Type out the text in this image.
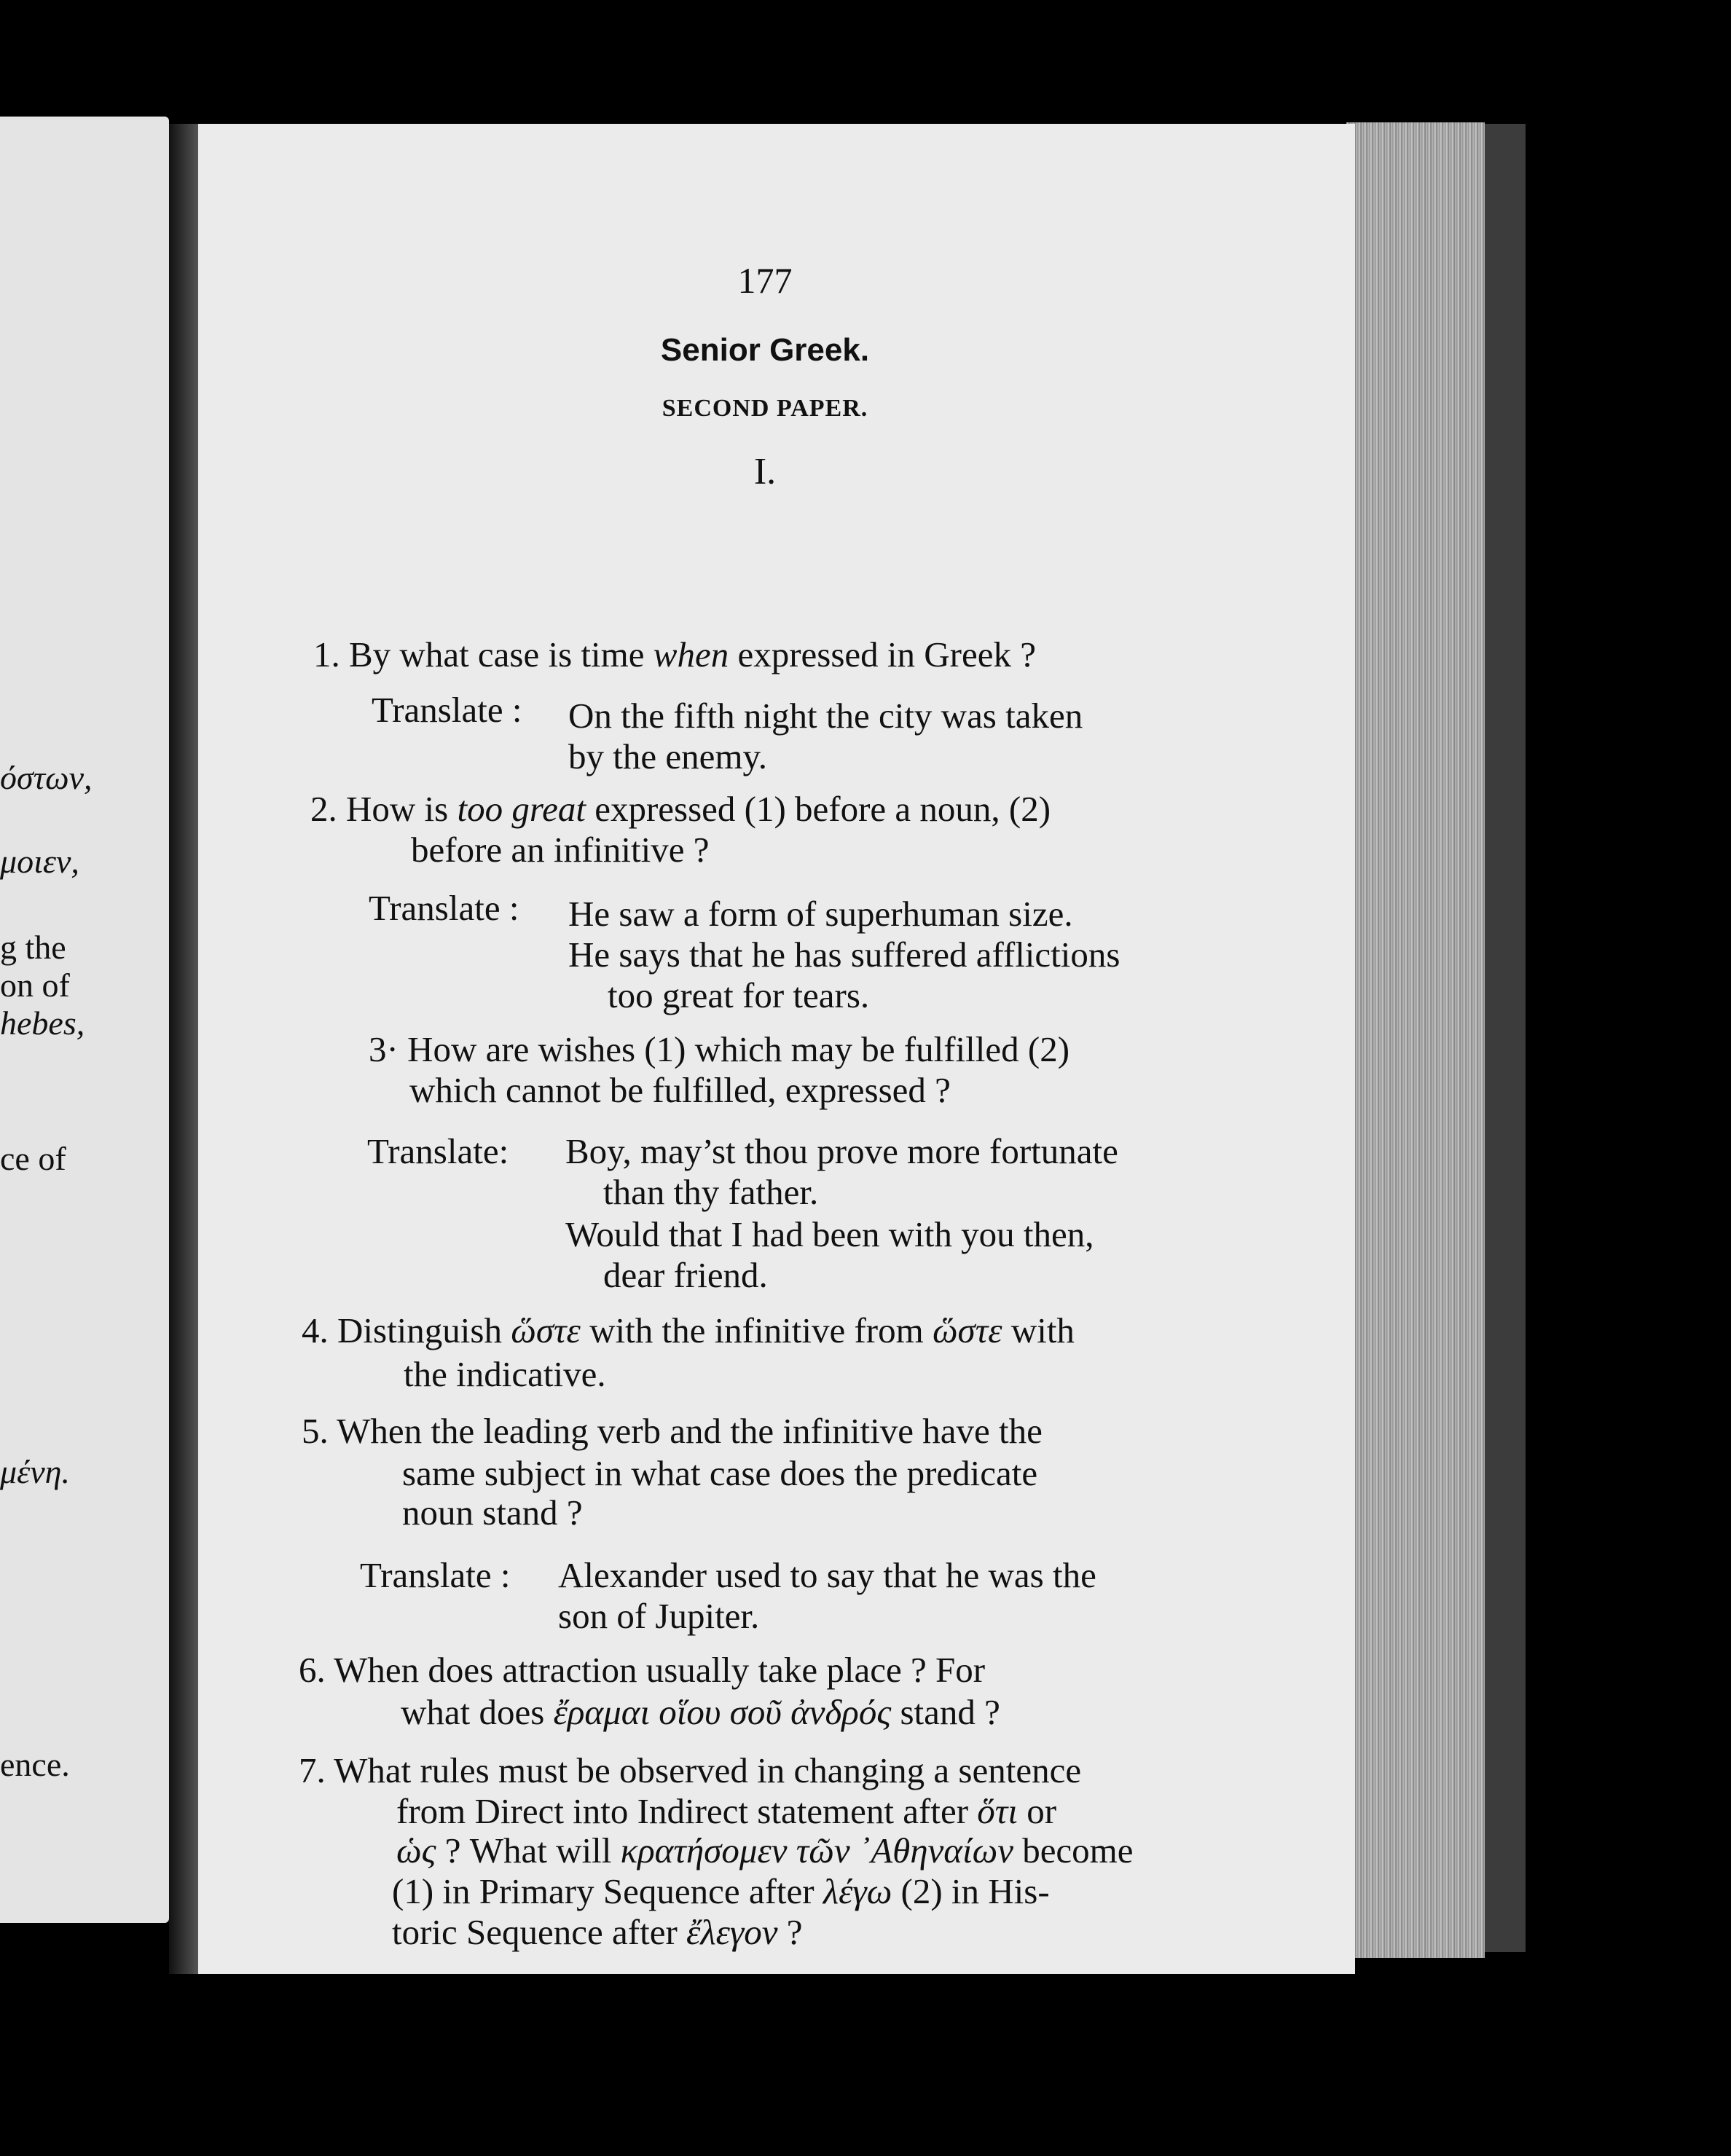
όστων,
μοιεν,
g the
on of
hebes,
ce of
μένη.
ence.
177
Senior Greek.
SECOND PAPER.
I.
1. By what case is time when expressed in Greek ?
Translate : On the fifth night the city was taken
by the enemy.
2. How is too great expressed (1) before a noun, (2)
before an infinitive ?
Translate : He saw a form of superhuman size.
He says that he has suffered afflictions
too great for tears.
3· How are wishes (1) which may be fulfilled (2)
which cannot be fulfilled, expressed ?
Translate: Boy, may’st thou prove more fortunate
than thy father.
Would that I had been with you then,
dear friend.
4. Distinguish ὥστε with the infinitive from ὥστε with
the indicative.
5. When the leading verb and the infinitive have the
same subject in what case does the predicate
noun stand ?
Translate : Alexander used to say that he was the
son of Jupiter.
6. When does attraction usually take place ? For
what does ἔραμαι οἵου σοῦ ἀνδρός stand ?
7. What rules must be observed in changing a sentence
from Direct into Indirect statement after ὅτι or
ὡς ? What will κρατήσομεν τῶν ᾿Αθηναίων become
(1) in Primary Sequence after λέγω (2) in His-
toric Sequence after ἔλεγον ?
